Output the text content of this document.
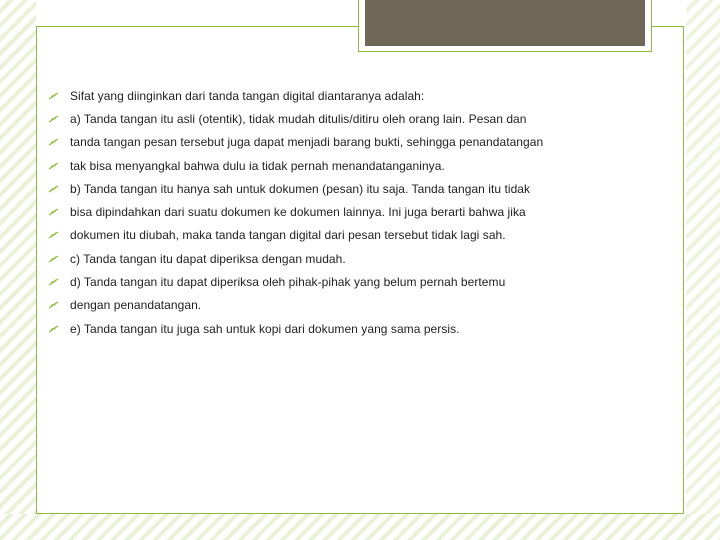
Sifat yang diinginkan dari tanda tangan digital diantaranya adalah:
a) Tanda tangan itu asli (otentik), tidak mudah ditulis/ditiru oleh orang lain. Pesan dan
tanda tangan pesan tersebut juga dapat menjadi barang bukti, sehingga penandatangan
tak bisa menyangkal bahwa dulu ia tidak pernah menandatanganinya.
b) Tanda tangan itu hanya sah untuk dokumen (pesan) itu saja. Tanda tangan itu tidak
bisa dipindahkan dari suatu dokumen ke dokumen lainnya. Ini juga berarti bahwa jika
dokumen itu diubah, maka tanda tangan digital dari pesan tersebut tidak lagi sah.
c) Tanda tangan itu dapat diperiksa dengan mudah.
d) Tanda tangan itu dapat diperiksa oleh pihak-pihak yang belum pernah bertemu
dengan penandatangan.
e) Tanda tangan itu juga sah untuk kopi dari dokumen yang sama persis.
